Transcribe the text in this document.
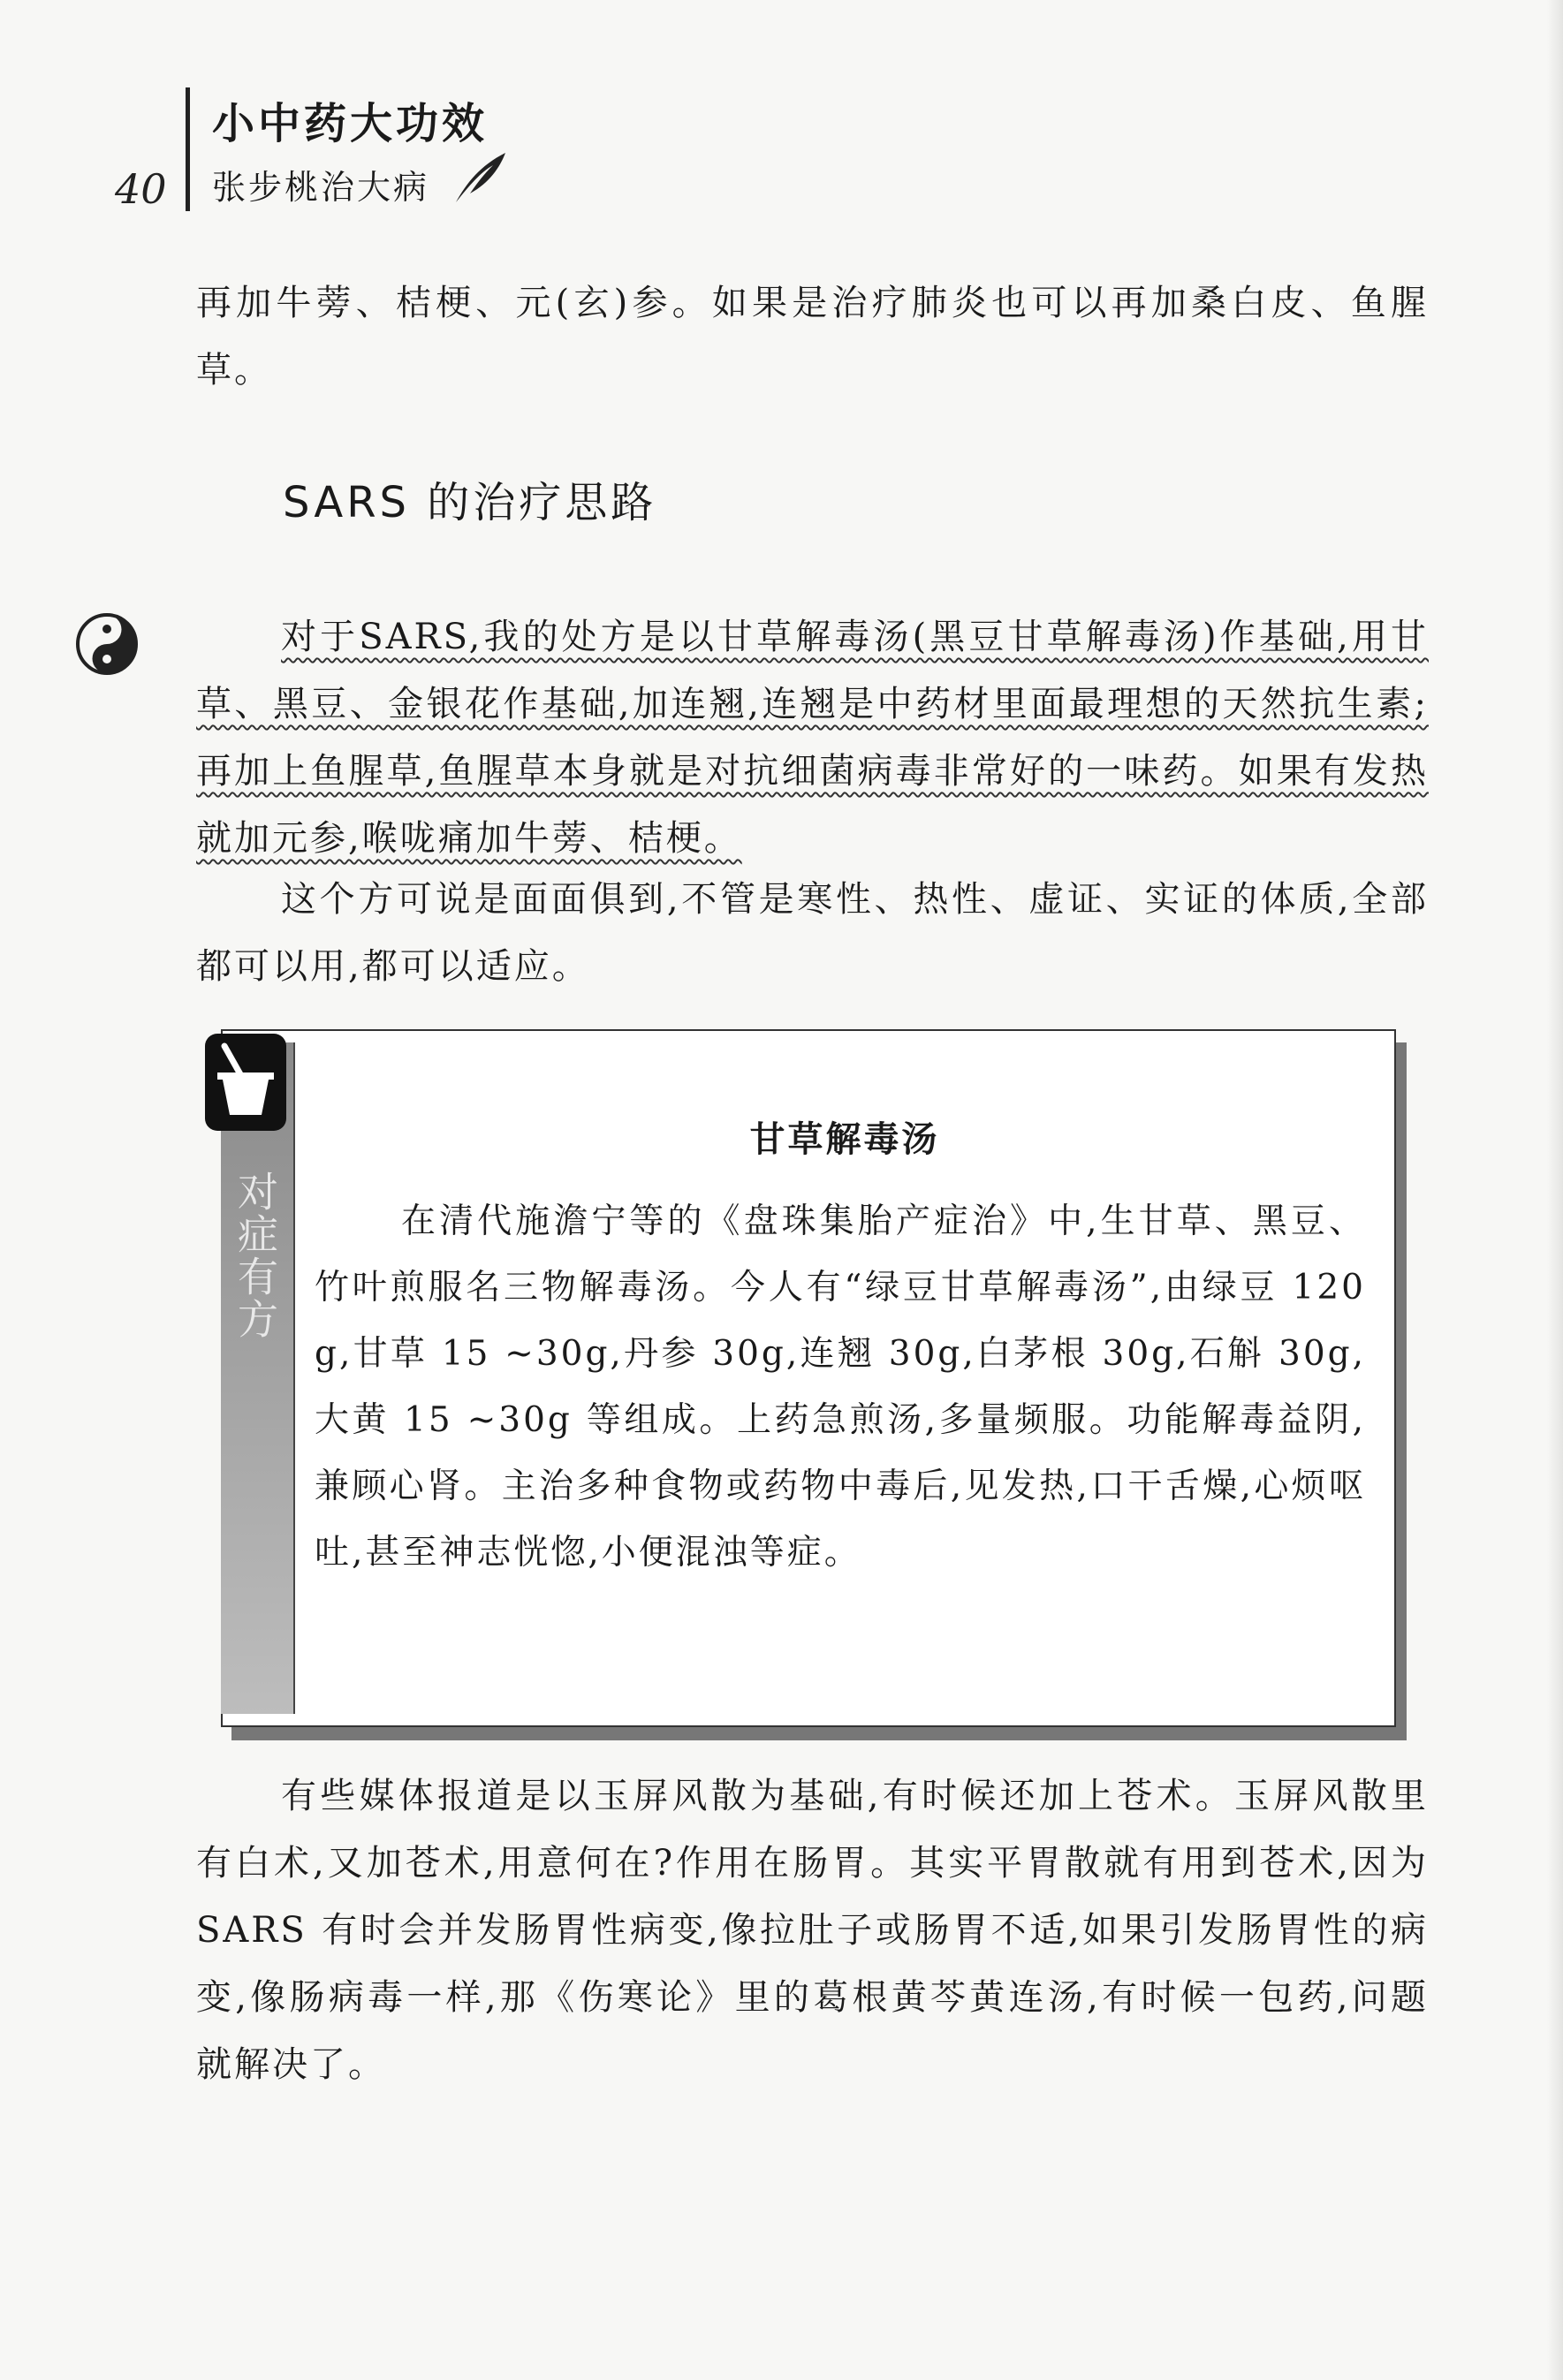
40
小中药大功效
张步桃治大病
再加牛蒡、桔梗、元(玄)参。如果是治疗肺炎也可以再加桑白皮、鱼腥草。
SARS 的治疗思路
对于SARS,我的处方是以甘草解毒汤(黑豆甘草解毒汤)作基础,用甘草、黑豆、金银花作基础,加连翘,连翘是中药材里面最理想的天然抗生素;再加上鱼腥草,鱼腥草本身就是对抗细菌病毒非常好的一味药。如果有发热就加元参,喉咙痛加牛蒡、桔梗。
这个方可说是面面俱到,不管是寒性、热性、虚证、实证的体质,全部都可以用,都可以适应。
对症有方
甘草解毒汤
在清代施澹宁等的《盘珠集胎产症治》中,生甘草、黑豆、竹叶煎服名三物解毒汤。今人有“绿豆甘草解毒汤”,由绿豆 120g,甘草 15 ~30g,丹参 30g,连翘 30g,白茅根 30g,石斛 30g,大黄 15 ~30g 等组成。上药急煎汤,多量频服。功能解毒益阴,兼顾心肾。主治多种食物或药物中毒后,见发热,口干舌燥,心烦呕吐,甚至神志恍惚,小便混浊等症。
有些媒体报道是以玉屏风散为基础,有时候还加上苍术。玉屏风散里有白术,又加苍术,用意何在?作用在肠胃。其实平胃散就有用到苍术,因为 SARS 有时会并发肠胃性病变,像拉肚子或肠胃不适,如果引发肠胃性的病变,像肠病毒一样,那《伤寒论》里的葛根黄芩黄连汤,有时候一包药,问题就解决了。
